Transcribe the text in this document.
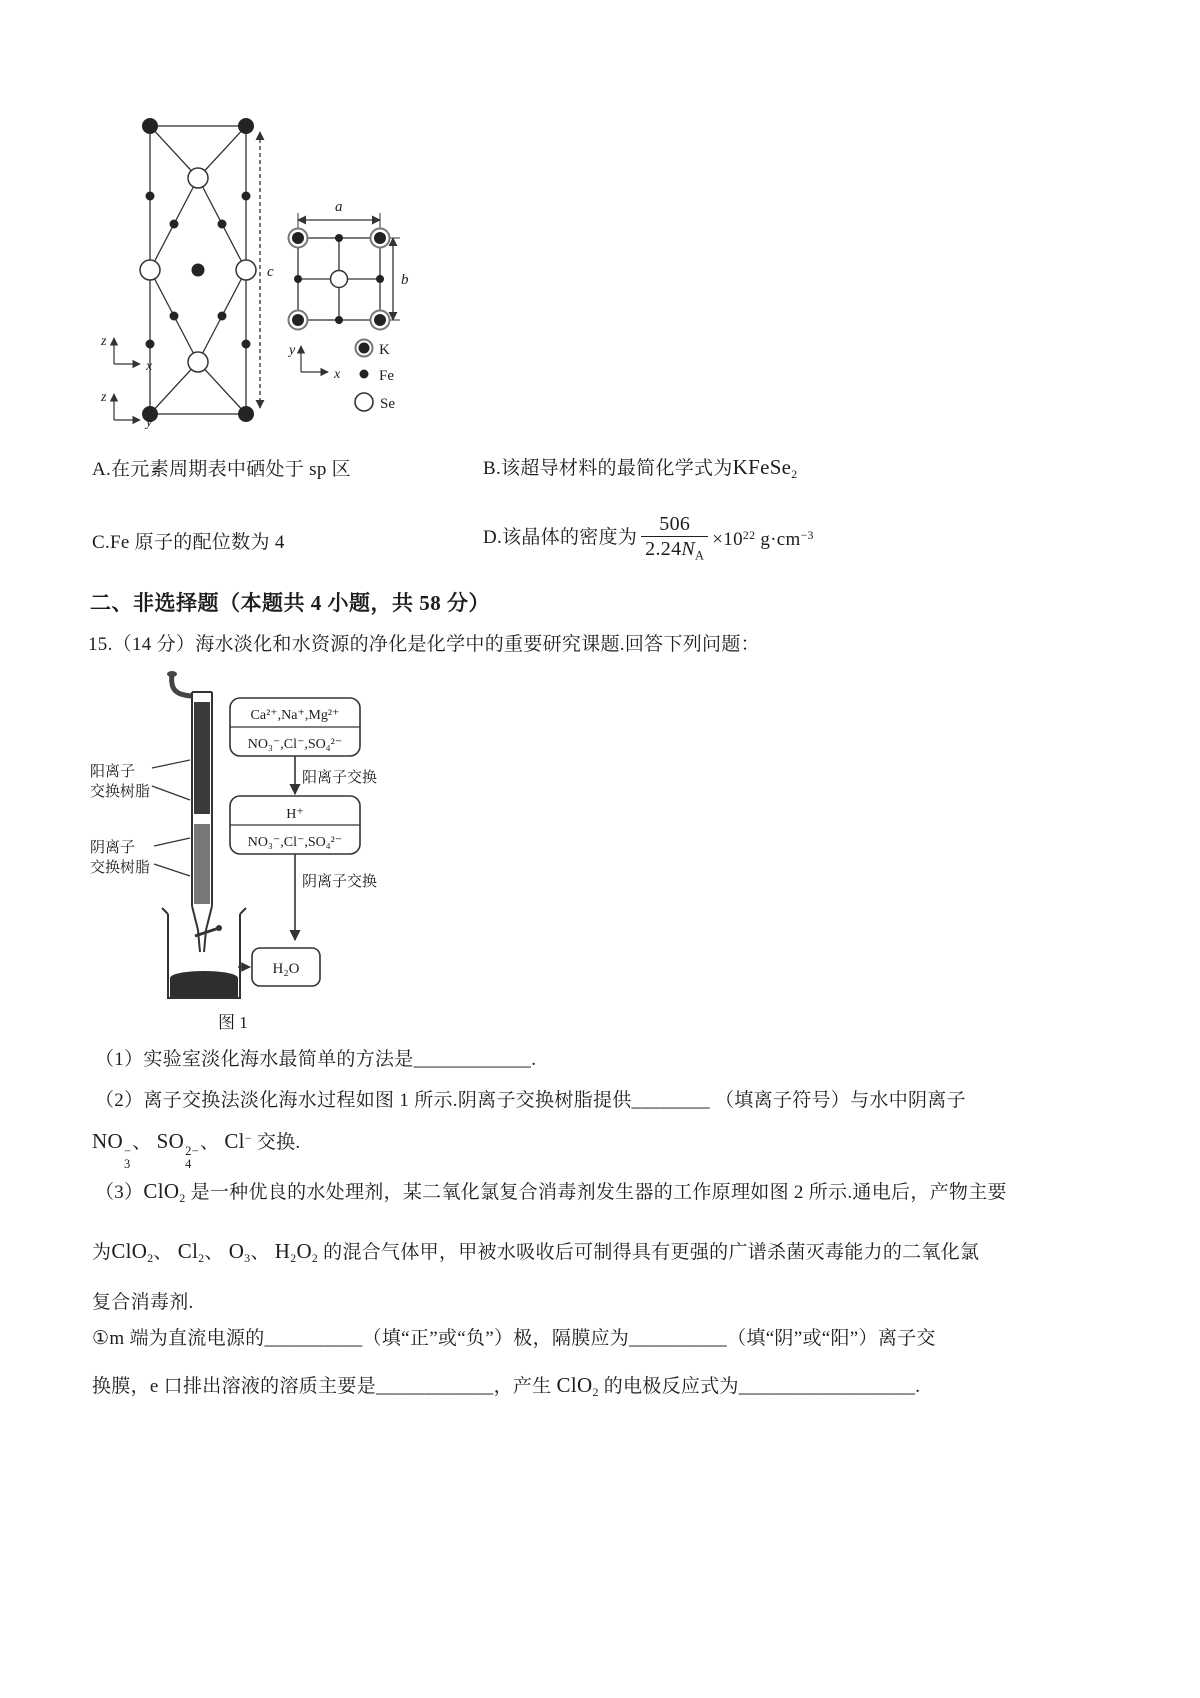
c
z
x
z
y
a
b
y
x
K
Fe
Se
A.在元素周期表中硒处于 sp 区	B.该超导材料的最简化学式为KFeSe$_2$
C.Fe 原子的配位数为 4	D.该晶体的密度为 $\frac{506}{2.24N_A} \times 10^{22}$ $g\cdot cm^{-3}$
二、非选择题（本题共 4 小题，共 58 分）
15.（14 分）海水淡化和水资源的净化是化学中的重要研究课题.回答下列问题：
阳离子
交换树脂
阴离子
交换树脂
Ca²⁺,Na⁺,Mg²⁺
NO₃⁻,Cl⁻,SO₄²⁻
阳离子交换
H⁺
NO₃⁻,Cl⁻,SO₄²⁻
阴离子交换
H₂O
图 1
（1）实验室淡化海水最简单的方法是____________.
（2）离子交换法淡化海水过程如图 1 所示.阴离子交换树脂提供________ （填离子符号）与水中阴离子
NO −
3
、 SO 2−
4
、 Cl− 交换.
（3）ClO$_2$ 是一种优良的水处理剂，某二氧化氯复合消毒剂发生器的工作原理如图 2 所示.通电后，产物主要
为ClO$_2$、 $Cl_2$、 $O_3$、 $H_2O_2$ 的混合气体甲，甲被水吸收后可制得具有更强的广谱杀菌灭毒能力的二氧化氯
复合消毒剂.
①m 端为直流电源的__________（填“正”或“负”）极，隔膜应为__________（填“阴”或“阳”）离子交
换膜，e 口排出溶液的溶质主要是____________，产生 ClO$_2$ 的电极反应式为__________________.
